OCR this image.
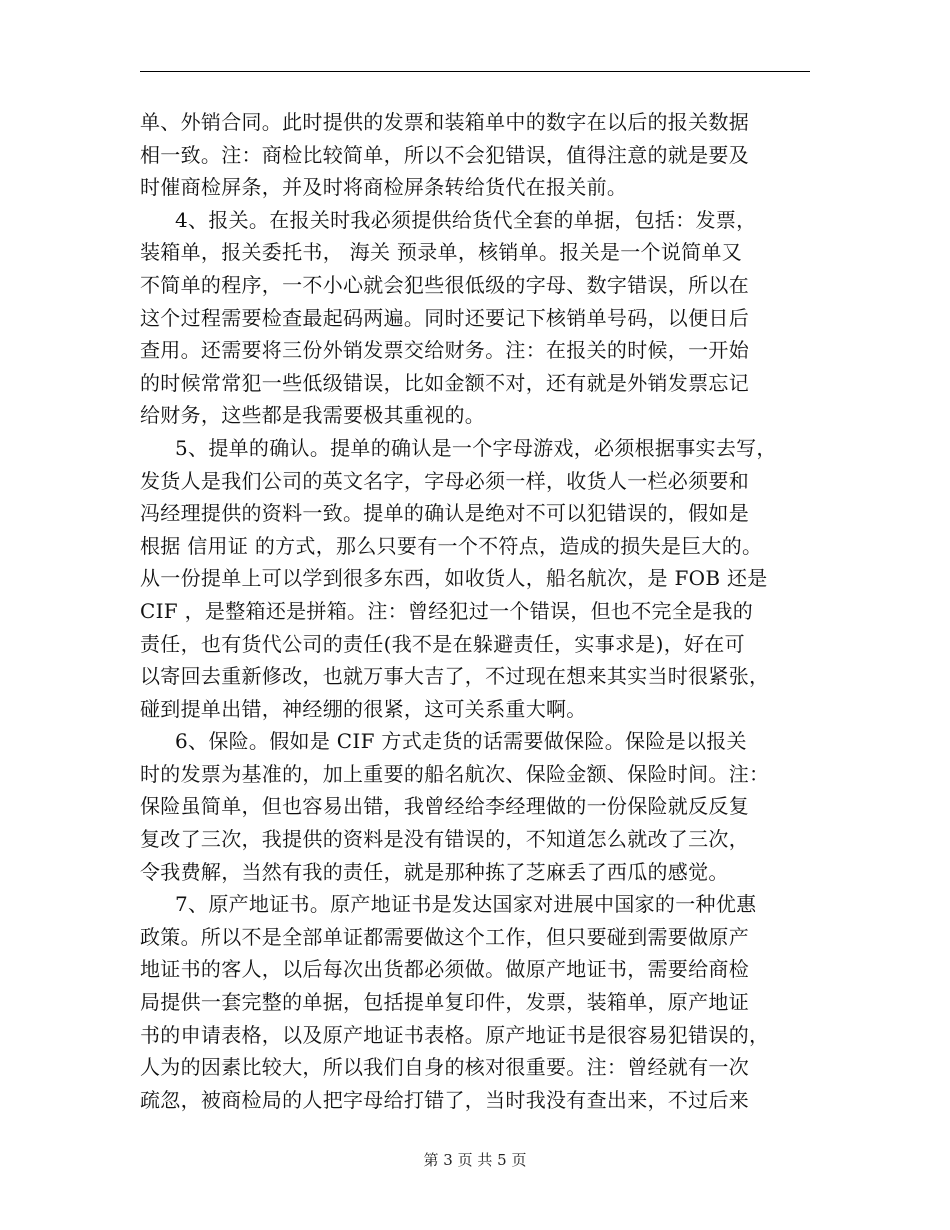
单、外销合同。此时提供的发票和装箱单中的数字在以后的报关数据
相一致。注：商检比较简单，所以不会犯错误，值得注意的就是要及
时催商检屏条，并及时将商检屏条转给货代在报关前。
4、报关。在报关时我必须提供给货代全套的单据，包括：发票，
装箱单，报关委托书， 海关 预录单，核销单。报关是一个说简单又
不简单的程序，一不小心就会犯些很低级的字母、数字错误，所以在
这个过程需要检查最起码两遍。同时还要记下核销单号码，以便日后
查用。还需要将三份外销发票交给财务。注：在报关的时候，一开始
的时候常常犯一些低级错误，比如金额不对，还有就是外销发票忘记
给财务，这些都是我需要极其重视的。
5、提单的确认。提单的确认是一个字母游戏，必须根据事实去写，
发货人是我们公司的英文名字，字母必须一样，收货人一栏必须要和
冯经理提供的资料一致。提单的确认是绝对不可以犯错误的，假如是
根据 信用证 的方式，那么只要有一个不符点，造成的损失是巨大的。
从一份提单上可以学到很多东西，如收货人，船名航次，是 FOB 还是
CIF ，是整箱还是拼箱。注：曾经犯过一个错误，但也不完全是我的
责任，也有货代公司的责任(我不是在躲避责任，实事求是)，好在可
以寄回去重新修改，也就万事大吉了，不过现在想来其实当时很紧张，
碰到提单出错，神经绷的很紧，这可关系重大啊。
6、保险。假如是 CIF 方式走货的话需要做保险。保险是以报关
时的发票为基准的，加上重要的船名航次、保险金额、保险时间。注：
保险虽简单，但也容易出错，我曾经给李经理做的一份保险就反反复
复改了三次，我提供的资料是没有错误的，不知道怎么就改了三次，
令我费解，当然有我的责任，就是那种拣了芝麻丢了西瓜的感觉。
7、原产地证书。原产地证书是发达国家对进展中国家的一种优惠
政策。所以不是全部单证都需要做这个工作，但只要碰到需要做原产
地证书的客人，以后每次出货都必须做。做原产地证书，需要给商检
局提供一套完整的单据，包括提单复印件，发票，装箱单，原产地证
书的申请表格，以及原产地证书表格。原产地证书是很容易犯错误的，
人为的因素比较大，所以我们自身的核对很重要。注：曾经就有一次
疏忽，被商检局的人把字母给打错了，当时我没有查出来，不过后来
第 3 页 共 5 页
